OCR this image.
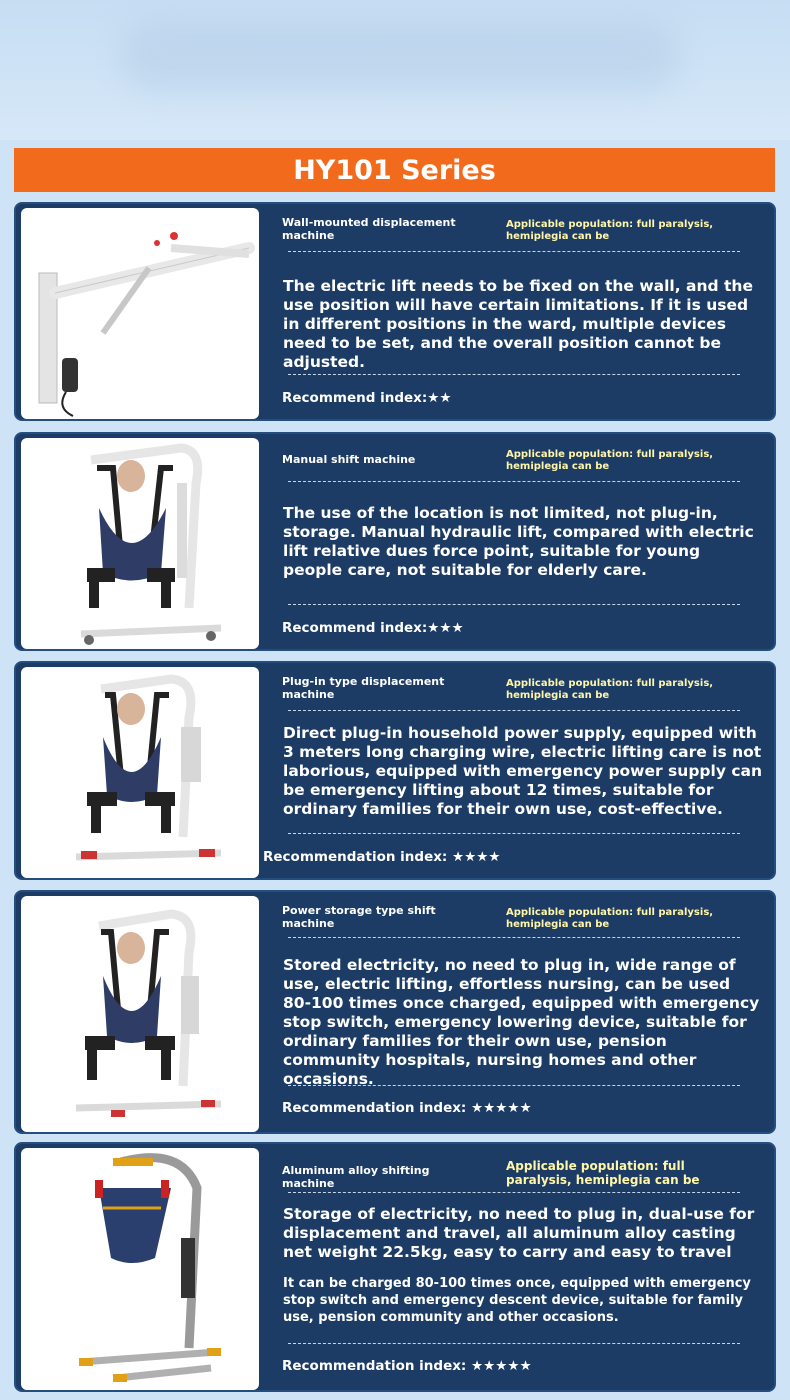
HY101 Series
Wall-mounted displacement machine
Applicable population: full paralysis, hemiplegia can be
The electric lift needs to be fixed on the wall, and the use position will have certain limitations. If it is used in different positions in the ward, multiple devices need to be set, and the overall position cannot be adjusted.
Recommend index:★★
Manual shift machine	Applicable population: full paralysis, hemiplegia can be
The use of the location is not limited, not plug-in, storage. Manual hydraulic lift, compared with electric lift relative dues force point, suitable for young people care, not suitable for elderly care.
Recommend index:★★★
Plug-in type displacement machine
Applicable population: full paralysis, hemiplegia can be
Direct plug-in household power supply, equipped with 3 meters long charging wire, electric lifting care is not laborious, equipped with emergency power supply can be emergency lifting about 12 times, suitable for ordinary families for their own use, cost-effective.
Recommendation index: ★★★★
Power storage type shift machine
Applicable population: full paralysis, hemiplegia can be
Stored electricity, no need to plug in, wide range of use, electric lifting, effortless nursing, can be used 80-100 times once charged, equipped with emergency stop switch, emergency lowering device, suitable for ordinary families for their own use, pension community hospitals, nursing homes and other occasions.
Recommendation index: ★★★★★
Aluminum alloy shifting machine
Applicable population: full paralysis, hemiplegia can be
Storage of electricity, no need to plug in, dual-use for displacement and travel, all aluminum alloy casting net weight 22.5kg, easy to carry and easy to travel
It can be charged 80-100 times once, equipped with emergency stop switch and emergency descent device, suitable for family use, pension community and other occasions.
Recommendation index: ★★★★★
